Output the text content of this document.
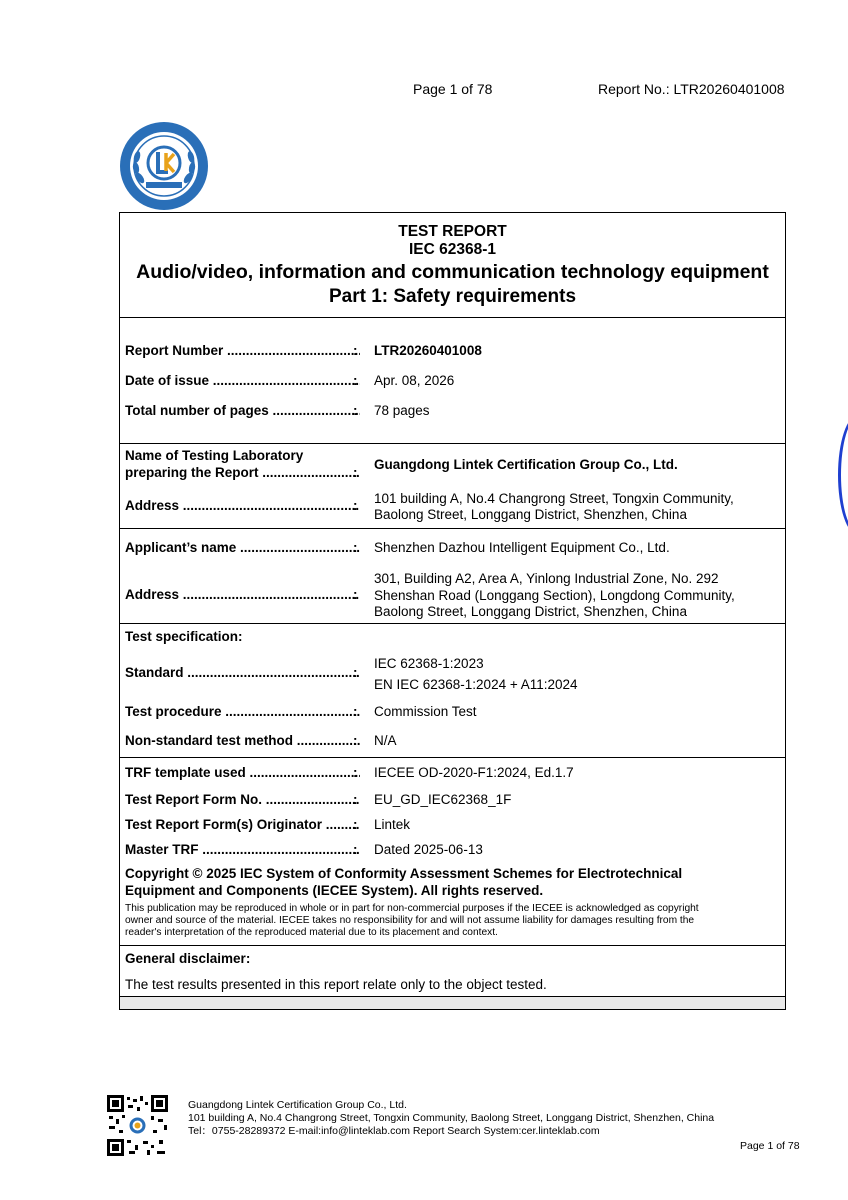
Page 1 of 78	Report No.: LTR20260401008
TEST REPORT
IEC 62368-1
Audio/video, information and communication technology equipment
Part 1: Safety requirements
Report Number .....	: LTR20260401008
Date of issue .....	: Apr. 08, 2026
Total number of pages .....	: 78 pages
Name of Testing Laboratory
preparing the Report .....	:
Guangdong Lintek Certification Group Co., Ltd.
Address .....	: 101 building A, No.4 Changrong Street, Tongxin Community,
Baolong Street, Longgang District, Shenzhen, China
Applicant’s name .....	: Shenzhen Dazhou Intelligent Equipment Co., Ltd.
Address .....	:
301, Building A2, Area A, Yinlong Industrial Zone, No. 292
Shenshan Road (Longgang Section), Longdong Community,
Baolong Street, Longgang District, Shenzhen, China
Test specification:
Standard .....	:
IEC 62368-1:2023
EN IEC 62368-1:2024 + A11:2024
Test procedure .....	: Commission Test
Non-standard test method .....	: N/A
TRF template used .....	: IECEE OD-2020-F1:2024, Ed.1.7
Test Report Form No. .....	: EU_GD_IEC62368_1F
Test Report Form(s) Originator .....	: Lintek
Master TRF .....	: Dated 2025-06-13
Copyright © 2025 IEC System of Conformity Assessment Schemes for Electrotechnical
Equipment and Components (IECEE System). All rights reserved.
This publication may be reproduced in whole or in part for non-commercial purposes if the IECEE is acknowledged as copyright
owner and source of the material. IECEE takes no responsibility for and will not assume liability for damages resulting from the
reader's interpretation of the reproduced material due to its placement and context.
General disclaimer:
The test results presented in this report relate only to the object tested.
Guangdong Lintek Certification Group Co., Ltd.
101 building A, No.4 Changrong Street, Tongxin Community, Baolong Street, Longgang District, Shenzhen, China
Tel：0755-28289372 E-mail:info@linteklab.com Report Search System:cer.linteklab.com
Page 1 of 78
